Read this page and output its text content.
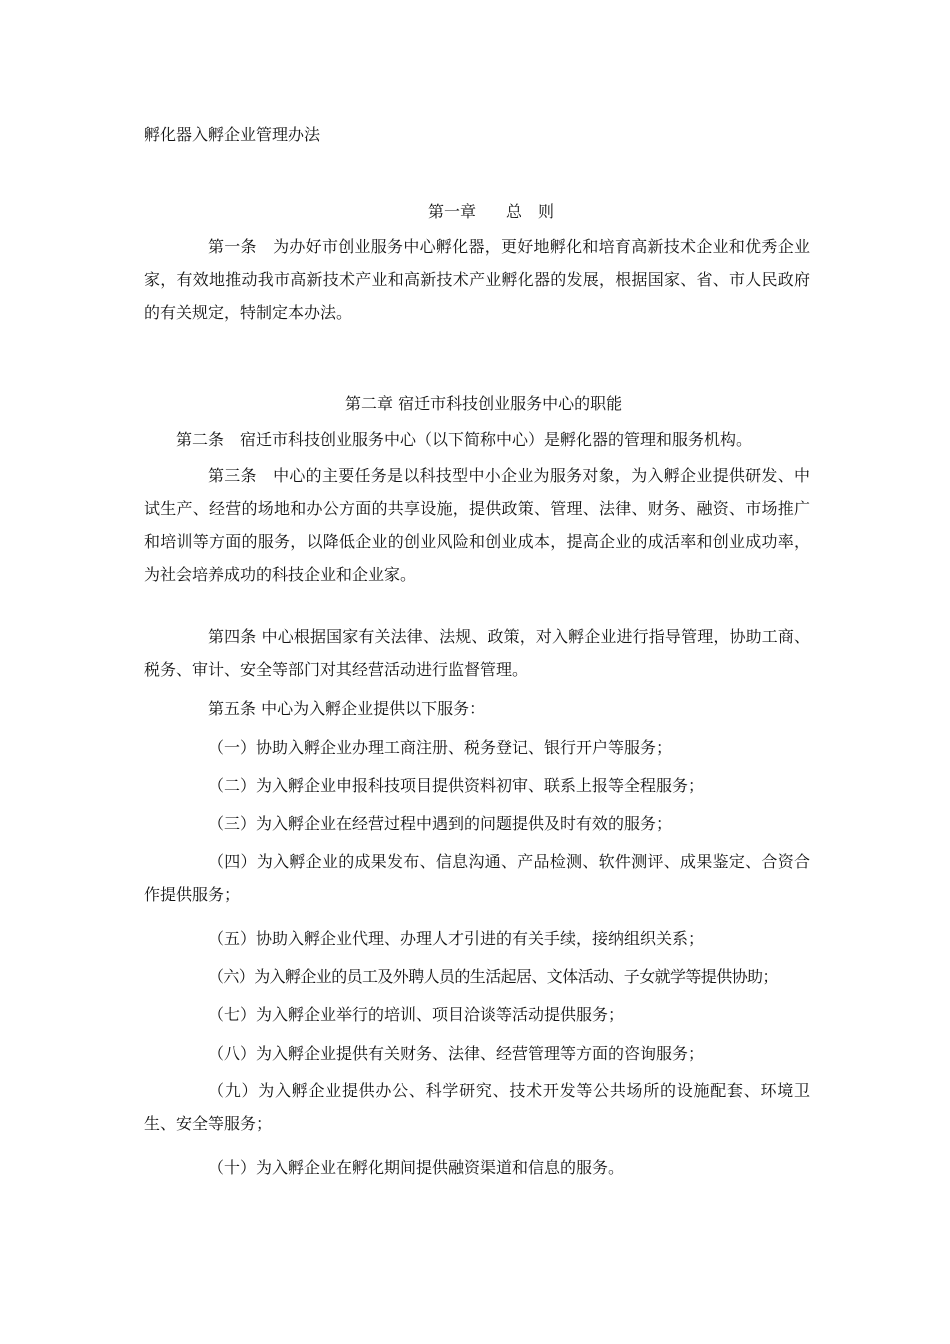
孵化器入孵企业管理办法
第一章 总　则

第一条　为办好市创业服务中心孵化器，更好地孵化和培育高新技术企业和优秀企业家，有效地推动我市高新技术产业和高新技术产业孵化器的发展，根据国家、省、市人民政府的有关规定，特制定本办法。

第二章 宿迁市科技创业服务中心的职能
第二条　宿迁市科技创业服务中心（以下简称中心）是孵化器的管理和服务机构。

第三条　中心的主要任务是以科技型中小企业为服务对象，为入孵企业提供研发、中试生产、经营的场地和办公方面的共享设施，提供政策、管理、法律、财务、融资、市场推广和培训等方面的服务，以降低企业的创业风险和创业成本，提高企业的成活率和创业成功率，为社会培养成功的科技企业和企业家。

第四条 中心根据国家有关法律、法规、政策，对入孵企业进行指导管理，协助工商、税务、审计、安全等部门对其经营活动进行监督管理。

第五条 中心为入孵企业提供以下服务：
（一）协助入孵企业办理工商注册、税务登记、银行开户等服务；
（二）为入孵企业申报科技项目提供资料初审、联系上报等全程服务；
（三）为入孵企业在经营过程中遇到的问题提供及时有效的服务；

（四）为入孵企业的成果发布、信息沟通、产品检测、软件测评、成果鉴定、合资合作提供服务；

（五）协助入孵企业代理、办理人才引进的有关手续，接纳组织关系；
（六）为入孵企业的员工及外聘人员的生活起居、文体活动、子女就学等提供协助；
（七）为入孵企业举行的培训、项目洽谈等活动提供服务；
（八）为入孵企业提供有关财务、法律、经营管理等方面的咨询服务；

（九）为入孵企业提供办公、科学研究、技术开发等公共场所的设施配套、环境卫生、安全等服务；

（十）为入孵企业在孵化期间提供融资渠道和信息的服务。
